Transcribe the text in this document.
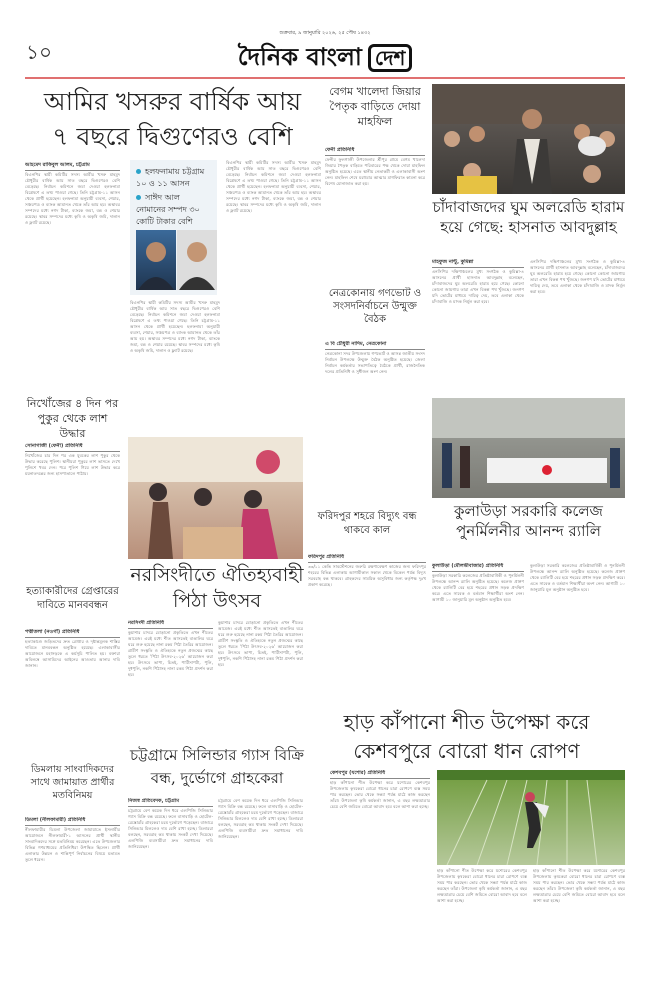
১০
শুক্রবার, ৯ জানুয়ারি ২০২৬, ২৫ পৌষ ১৪৩২
দৈনিক বাংলা দেশ
আমির খসরুর বার্ষিক আয়
৭ বছরে দ্বিগুণেরও বেশি
আহমেদ রাকিবুল আলম, চট্টগ্রাম
বিএনপির স্থায়ী কমিটির সদস্য আমীর খসরু মাহমুদ চৌধুরীর বার্ষিক আয় সাত বছরে দ্বিগুণেরও বেশি বেড়েছে। নির্বাচন কমিশনে জমা দেওয়া হলফনামা বিশ্লেষণে এ তথ্য পাওয়া গেছে। তিনি চট্টগ্রাম-১১ আসন থেকে প্রার্থী হয়েছেন। হলফনামা অনুযায়ী ব্যবসা, শেয়ার, সঞ্চয়পত্র ও ব্যাংক আমানত থেকে তাঁর আয় হয়। অস্থাবর সম্পদের মধ্যে নগদ টাকা, ব্যাংকে জমা, বন্ড ও শেয়ার রয়েছে। স্থাবর সম্পদের মধ্যে কৃষি ও অকৃষি জমি, দালান ও ফ্ল্যাট রয়েছে।
হলফনামায় চট্টগ্রাম ১০ ও ১১ আসন
সাঈদ আল নোমানের সম্পদ ৩০ কোটি টাকার বেশি
বিএনপির স্থায়ী কমিটির সদস্য আমীর খসরু মাহমুদ চৌধুরীর বার্ষিক আয় সাত বছরে দ্বিগুণেরও বেশি বেড়েছে। নির্বাচন কমিশনে জমা দেওয়া হলফনামা বিশ্লেষণে এ তথ্য পাওয়া গেছে। তিনি চট্টগ্রাম-১১ আসন থেকে প্রার্থী হয়েছেন। হলফনামা অনুযায়ী ব্যবসা, শেয়ার, সঞ্চয়পত্র ও ব্যাংক আমানত থেকে তাঁর আয় হয়। অস্থাবর সম্পদের মধ্যে নগদ টাকা, ব্যাংকে জমা, বন্ড ও শেয়ার রয়েছে। স্থাবর সম্পদের মধ্যে কৃষি ও অকৃষি জমি, দালান ও ফ্ল্যাট রয়েছে।
বিএনপির স্থায়ী কমিটির সদস্য আমীর খসরু মাহমুদ চৌধুরীর বার্ষিক আয় সাত বছরে দ্বিগুণেরও বেশি বেড়েছে। নির্বাচন কমিশনে জমা দেওয়া হলফনামা বিশ্লেষণে এ তথ্য পাওয়া গেছে। তিনি চট্টগ্রাম-১১ আসন থেকে প্রার্থী হয়েছেন। হলফনামা অনুযায়ী ব্যবসা, শেয়ার, সঞ্চয়পত্র ও ব্যাংক আমানত থেকে তাঁর আয় হয়। অস্থাবর সম্পদের মধ্যে নগদ টাকা, ব্যাংকে জমা, বন্ড ও শেয়ার রয়েছে। স্থাবর সম্পদের মধ্যে কৃষি ও অকৃষি জমি, দালান ও ফ্ল্যাট রয়েছে।
বেগম খালেদা জিয়ার পৈতৃক বাড়িতে দোয়া মাহফিল
ফেনী প্রতিনিধি
ফেনীর ফুলগাজী উপজেলার শ্রীপুর গ্রামে বেগম খালেদা জিয়ার পৈতৃক বাড়িতে পরিবারের পক্ষ থেকে দোয়া মাহফিল অনুষ্ঠিত হয়েছে। এতে স্থানীয় নেতাকর্মী ও এলাকাবাসী অংশ নেন। মাহফিল শেষে মরহুমার আত্মার মাগফিরাত কামনা করে বিশেষ মোনাজাত করা হয়।
নেত্রকোনায় গণভোট ও সংসদনির্বাচনে উন্মুক্ত বৈঠক
এ বি চৌধুরী নাদিম, নেত্রকোনা
নেত্রকোনা সদর উপজেলায় গণভোট ও আসন্ন জাতীয় সংসদ নির্বাচন উপলক্ষে উন্মুক্ত বৈঠক অনুষ্ঠিত হয়েছে। জেলা নির্বাচন কর্মকর্তার সভাপতিত্বে বৈঠকে প্রার্থী, রাজনৈতিক দলের প্রতিনিধি ও সুধীজন অংশ নেন।
চাঁদাবাজদের ঘুম অলরেডি হারাম হয়ে গেছে: হাসনাত আবদুল্লাহ
মাহফুজ নান্টু, কুমিল্লা
এনসিপির দক্ষিণাঞ্চলের মুখ্য সংগঠক ও কুমিল্লা-৪ আসনের প্রার্থী হাসনাত আবদুল্লাহ বলেছেন, চাঁদাবাজদের ঘুম অলরেডি হারাম হয়ে গেছে। কোনো কোনো জায়গায় তারা এখন বিকল্প পথ খুঁজছে। জনগণ যদি ভোটের মাধ্যমে দায়িত্ব দেয়, তবে এলাকা থেকে চাঁদাবাজি ও মাদক নির্মূল করা হবে।
এনসিপির দক্ষিণাঞ্চলের মুখ্য সংগঠক ও কুমিল্লা-৪ আসনের প্রার্থী হাসনাত আবদুল্লাহ বলেছেন, চাঁদাবাজদের ঘুম অলরেডি হারাম হয়ে গেছে। কোনো কোনো জায়গায় তারা এখন বিকল্প পথ খুঁজছে। জনগণ যদি ভোটের মাধ্যমে দায়িত্ব দেয়, তবে এলাকা থেকে চাঁদাবাজি ও মাদক নির্মূল করা হবে।
নিখোঁজের ৪ দিন পর পুকুর থেকে লাশ উদ্ধার
সোনাগাজী (ফেনী) প্রতিনিধি
নিখোঁজের চার দিন পর এক যুবকের লাশ পুকুর থেকে উদ্ধার করেছে পুলিশ। স্থানীয়রা পুকুরে লাশ ভাসতে দেখে পুলিশে খবর দেন। পরে পুলিশ গিয়ে লাশ উদ্ধার করে ময়নাতদন্তের জন্য হাসপাতালে পাঠায়।
ফরিদপুর শহরে বিদ্যুৎ বন্ধ থাকবে কাল
ফরিদপুর প্রতিনিধি
৩৩/১১ কেভি সাবস্টেশনের জরুরি রক্ষণাবেক্ষণ কাজের জন্য ফরিদপুর শহরের বিভিন্ন এলাকায় আগামীকাল সকাল থেকে বিকেল পর্যন্ত বিদ্যুৎ সরবরাহ বন্ধ থাকবে। গ্রাহকদের সাময়িক অসুবিধার জন্য কর্তৃপক্ষ দুঃখ প্রকাশ করেছে।
কুলাউড়া সরকারি কলেজ পুনর্মিলনীর আনন্দ র‍্যালি
কুলাউড়া (মৌলভীবাজার) প্রতিনিধি
কুলাউড়া সরকারি কলেজের প্রতিষ্ঠাবার্ষিকী ও পুনর্মিলনী উপলক্ষে আনন্দ র‍্যালি অনুষ্ঠিত হয়েছে। কলেজ প্রাঙ্গণ থেকে র‍্যালিটি বের হয়ে শহরের প্রধান সড়ক প্রদক্ষিণ করে। এতে সাবেক ও বর্তমান শিক্ষার্থীরা অংশ নেন। আগামী ১০ জানুয়ারি মূল অনুষ্ঠান অনুষ্ঠিত হবে।
কুলাউড়া সরকারি কলেজের প্রতিষ্ঠাবার্ষিকী ও পুনর্মিলনী উপলক্ষে আনন্দ র‍্যালি অনুষ্ঠিত হয়েছে। কলেজ প্রাঙ্গণ থেকে র‍্যালিটি বের হয়ে শহরের প্রধান সড়ক প্রদক্ষিণ করে। এতে সাবেক ও বর্তমান শিক্ষার্থীরা অংশ নেন। আগামী ১০ জানুয়ারি মূল অনুষ্ঠান অনুষ্ঠিত হবে।
নরসিংদীতে ঐতিহ্যবাহী
পিঠা উৎসব
হত্যাকারীদের গ্রেপ্তারের দাবিতে মানববন্ধন
পত্নীতলা (নওগাঁ) প্রতিনিধি
হত্যাকাণ্ডে জড়িতদের দ্রুত গ্রেপ্তার ও দৃষ্টান্তমূলক শাস্তির দাবিতে মানববন্ধন অনুষ্ঠিত হয়েছে। এলাকাবাসীর আয়োজনে মহাসড়কে এ কর্মসূচি পালিত হয়। বক্তারা অবিলম্বে আসামিদের আইনের আওতায় আনার দাবি জানান।
নরসিংদী প্রতিনিধি
কুয়াশার চাদরে মোড়ানো প্রকৃতিতে এখন শীতের আমেজ। এরই মধ্যে শীত আসতেই বাঙালির ঘরে ঘরে শুরু হয়েছে নানা রকম পিঠা তৈরির আয়োজন। গ্রামীণ সংস্কৃতি ও ঐতিহ্যকে নতুন প্রজন্মের কাছে তুলে ধরতে 'পিঠা উৎসব-২০২৬' আয়োজন করা হয়। উৎসবে ভাপা, চিতই, পাটিসাপটা, পুলি, দুধপুলি, নকশি পিঠাসহ নানা রকম পিঠা প্রদর্শন করা হয়।
কুয়াশার চাদরে মোড়ানো প্রকৃতিতে এখন শীতের আমেজ। এরই মধ্যে শীত আসতেই বাঙালির ঘরে ঘরে শুরু হয়েছে নানা রকম পিঠা তৈরির আয়োজন। গ্রামীণ সংস্কৃতি ও ঐতিহ্যকে নতুন প্রজন্মের কাছে তুলে ধরতে 'পিঠা উৎসব-২০২৬' আয়োজন করা হয়। উৎসবে ভাপা, চিতই, পাটিসাপটা, পুলি, দুধপুলি, নকশি পিঠাসহ নানা রকম পিঠা প্রদর্শন করা হয়।
হাড় কাঁপানো শীত উপেক্ষা করে
কেশবপুরে বোরো ধান রোপণ
কেশবপুর (যশোর) প্রতিনিধি
হাড় কাঁপানো শীত উপেক্ষা করে যশোরের কেশবপুর উপজেলায় কৃষকেরা বোরো ধানের চারা রোপণে ব্যস্ত সময় পার করছেন। ভোর থেকে সন্ধ্যা পর্যন্ত মাঠে কাজ করছেন তাঁরা। উপজেলা কৃষি কর্মকর্তা জানান, এ বছর লক্ষ্যমাত্রার চেয়ে বেশি জমিতে বোরো আবাদ হবে বলে আশা করা হচ্ছে।
হাড় কাঁপানো শীত উপেক্ষা করে যশোরের কেশবপুর উপজেলায় কৃষকেরা বোরো ধানের চারা রোপণে ব্যস্ত সময় পার করছেন। ভোর থেকে সন্ধ্যা পর্যন্ত মাঠে কাজ করছেন তাঁরা। উপজেলা কৃষি কর্মকর্তা জানান, এ বছর লক্ষ্যমাত্রার চেয়ে বেশি জমিতে বোরো আবাদ হবে বলে আশা করা হচ্ছে।
হাড় কাঁপানো শীত উপেক্ষা করে যশোরের কেশবপুর উপজেলায় কৃষকেরা বোরো ধানের চারা রোপণে ব্যস্ত সময় পার করছেন। ভোর থেকে সন্ধ্যা পর্যন্ত মাঠে কাজ করছেন তাঁরা। উপজেলা কৃষি কর্মকর্তা জানান, এ বছর লক্ষ্যমাত্রার চেয়ে বেশি জমিতে বোরো আবাদ হবে বলে আশা করা হচ্ছে।
চট্টগ্রামে সিলিন্ডার গ্যাস বিক্রি
বন্ধ, দুর্ভোগে গ্রাহকেরা
নিজস্ব প্রতিবেদক, চট্টগ্রাম
চট্টগ্রামে বেশ কয়েক দিন ধরে এলপিজি সিলিন্ডার গ্যাস বিক্রি বন্ধ রয়েছে। ফলে বাসাবাড়ি ও হোটেল-রেস্তোরাঁর গ্রাহকেরা চরম দুর্ভোগে পড়েছেন। বাজারে সিলিন্ডার মিললেও দাম বেশি রাখা হচ্ছে। ডিলাররা বলছেন, সরবরাহ কম থাকায় সংকট দেখা দিয়েছে। এলপিজি ব্যবসায়ীরা দ্রুত সমাধানের দাবি জানিয়েছেন।
চট্টগ্রামে বেশ কয়েক দিন ধরে এলপিজি সিলিন্ডার গ্যাস বিক্রি বন্ধ রয়েছে। ফলে বাসাবাড়ি ও হোটেল-রেস্তোরাঁর গ্রাহকেরা চরম দুর্ভোগে পড়েছেন। বাজারে সিলিন্ডার মিললেও দাম বেশি রাখা হচ্ছে। ডিলাররা বলছেন, সরবরাহ কম থাকায় সংকট দেখা দিয়েছে। এলপিজি ব্যবসায়ীরা দ্রুত সমাধানের দাবি জানিয়েছেন।
ডিমলায় সাংবাদিকদের সাথে জামায়াত প্রার্থীর মতবিনিময়
ডিমলা (নীলফামারী) প্রতিনিধি
নীলফামারীর ডিমলা উপজেলা জামায়াতে ইসলামীর আয়োজনে নীলফামারী-১ আসনের প্রার্থী স্থানীয় সাংবাদিকদের সঙ্গে মতবিনিময় করেছেন। এতে উপজেলার বিভিন্ন গণমাধ্যমের প্রতিনিধিরা উপস্থিত ছিলেন। প্রার্থী এলাকার উন্নয়ন ও শান্তিপূর্ণ নির্বাচনের বিষয়ে মতামত তুলে ধরেন।
